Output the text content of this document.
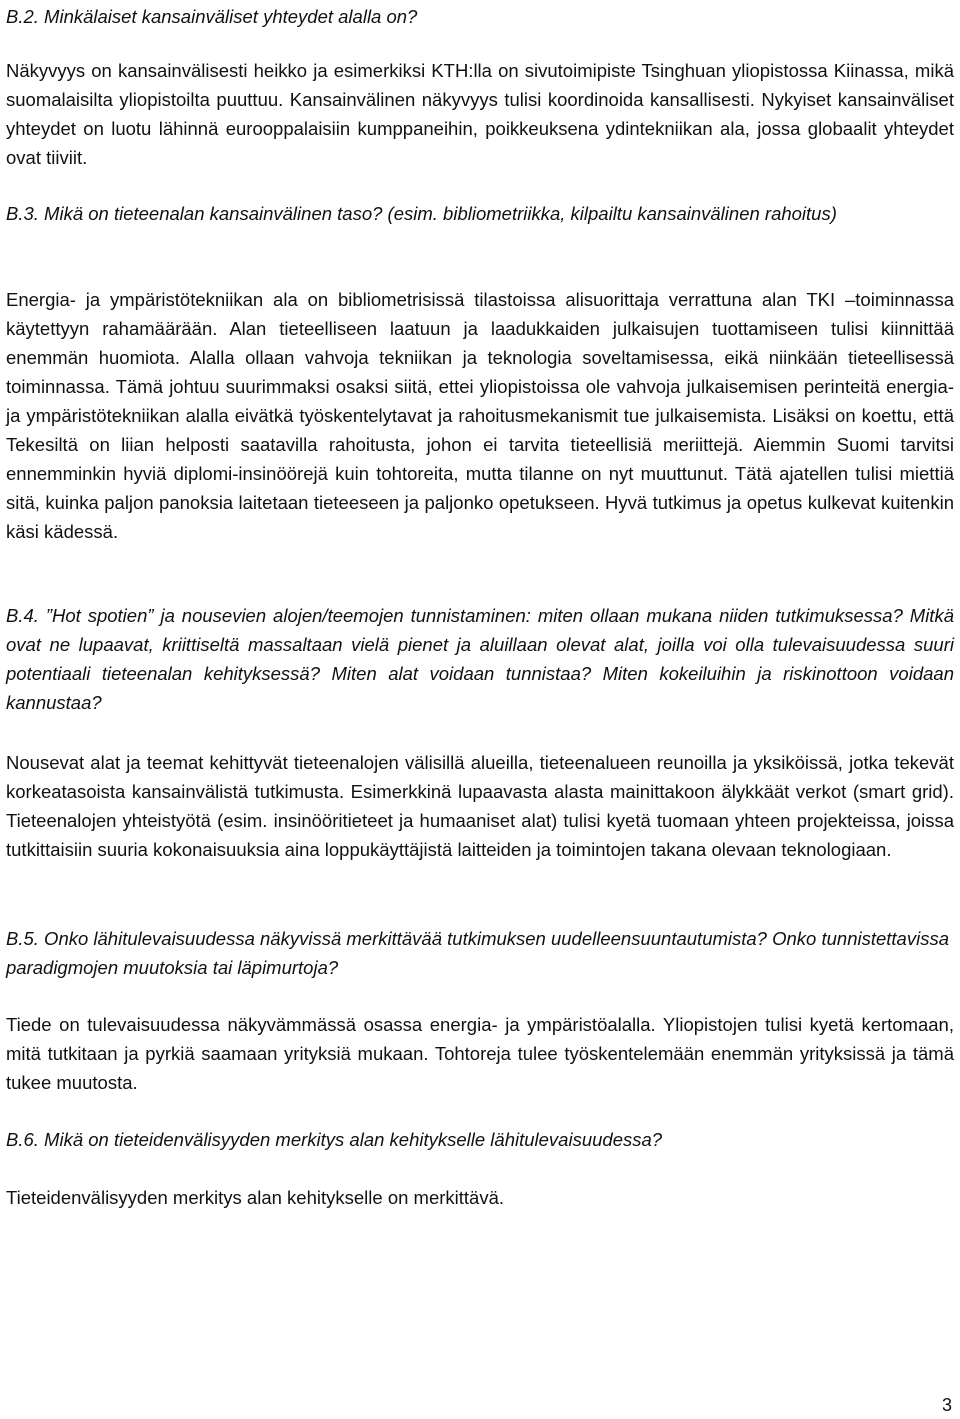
B.2. Minkälaiset kansainväliset yhteydet alalla on?

Näkyvyys on kansainvälisesti heikko ja esimerkiksi KTH:lla on sivutoimipiste Tsinghuan yliopistossa Kiinassa, mikä suomalaisilta yliopistoilta puuttuu. Kansainvälinen näkyvyys tulisi koordinoida kansallisesti. Nykyiset kansainväliset yhteydet on luotu lähinnä eurooppalaisiin kumppaneihin, poikkeuksena ydintekniikan ala, jossa globaalit yhteydet ovat tiiviit.

B.3. Mikä on tieteenalan kansainvälinen taso? (esim. bibliometriikka, kilpailtu kansainvälinen rahoitus)

Energia- ja ympäristötekniikan ala on bibliometrisissä tilastoissa alisuorittaja verrattuna alan TKI –toiminnassa käytettyyn rahamäärään. Alan tieteelliseen laatuun ja laadukkaiden julkaisujen tuottamiseen tulisi kiinnittää enemmän huomiota. Alalla ollaan vahvoja tekniikan ja teknologia soveltamisessa, eikä niinkään tieteellisessä toiminnassa. Tämä johtuu suurimmaksi osaksi siitä, ettei yliopistoissa ole vahvoja julkaisemisen perinteitä energia- ja ympäristötekniikan alalla eivätkä työskentelytavat ja rahoitusmekanismit tue julkaisemista. Lisäksi on koettu, että Tekesiltä on liian helposti saatavilla rahoitusta, johon ei tarvita tieteellisiä meriittejä. Aiemmin Suomi tarvitsi ennemminkin hyviä diplomi-insinöörejä kuin tohtoreita, mutta tilanne on nyt muuttunut. Tätä ajatellen tulisi miettiä sitä, kuinka paljon panoksia laitetaan tieteeseen ja paljonko opetukseen. Hyvä tutkimus ja opetus kulkevat kuitenkin käsi kädessä.

B.4. ”Hot spotien” ja nousevien alojen/teemojen tunnistaminen: miten ollaan mukana niiden tutkimuksessa? Mitkä ovat ne lupaavat, kriittiseltä massaltaan vielä pienet ja aluillaan olevat alat, joilla voi olla tulevaisuudessa suuri potentiaali tieteenalan kehityksessä? Miten alat voidaan tunnistaa? Miten kokeiluihin ja riskinottoon voidaan kannustaa?

Nousevat alat ja teemat kehittyvät tieteenalojen välisillä alueilla, tieteenalueen reunoilla ja yksiköissä, jotka tekevät korkeatasoista kansainvälistä tutkimusta. Esimerkkinä lupaavasta alasta mainittakoon älykkäät verkot (smart grid). Tieteenalojen yhteistyötä (esim. insinööritieteet ja humaaniset alat) tulisi kyetä tuomaan yhteen projekteissa, joissa tutkittaisiin suuria kokonaisuuksia aina loppukäyttäjistä laitteiden ja toimintojen takana olevaan teknologiaan.

B.5. Onko lähitulevaisuudessa näkyvissä merkittävää tutkimuksen uudelleensuuntautumista? Onko tunnistettavissa paradigmojen muutoksia tai läpimurtoja?

Tiede on tulevaisuudessa näkyvämmässä osassa energia- ja ympäristöalalla. Yliopistojen tulisi kyetä kertomaan, mitä tutkitaan ja pyrkiä saamaan yrityksiä mukaan. Tohtoreja tulee työskentelemään enemmän yrityksissä ja tämä tukee muutosta.

B.6. Mikä on tieteidenvälisyyden merkitys alan kehitykselle lähitulevaisuudessa?

Tieteidenvälisyyden merkitys alan kehitykselle on merkittävä.

3
